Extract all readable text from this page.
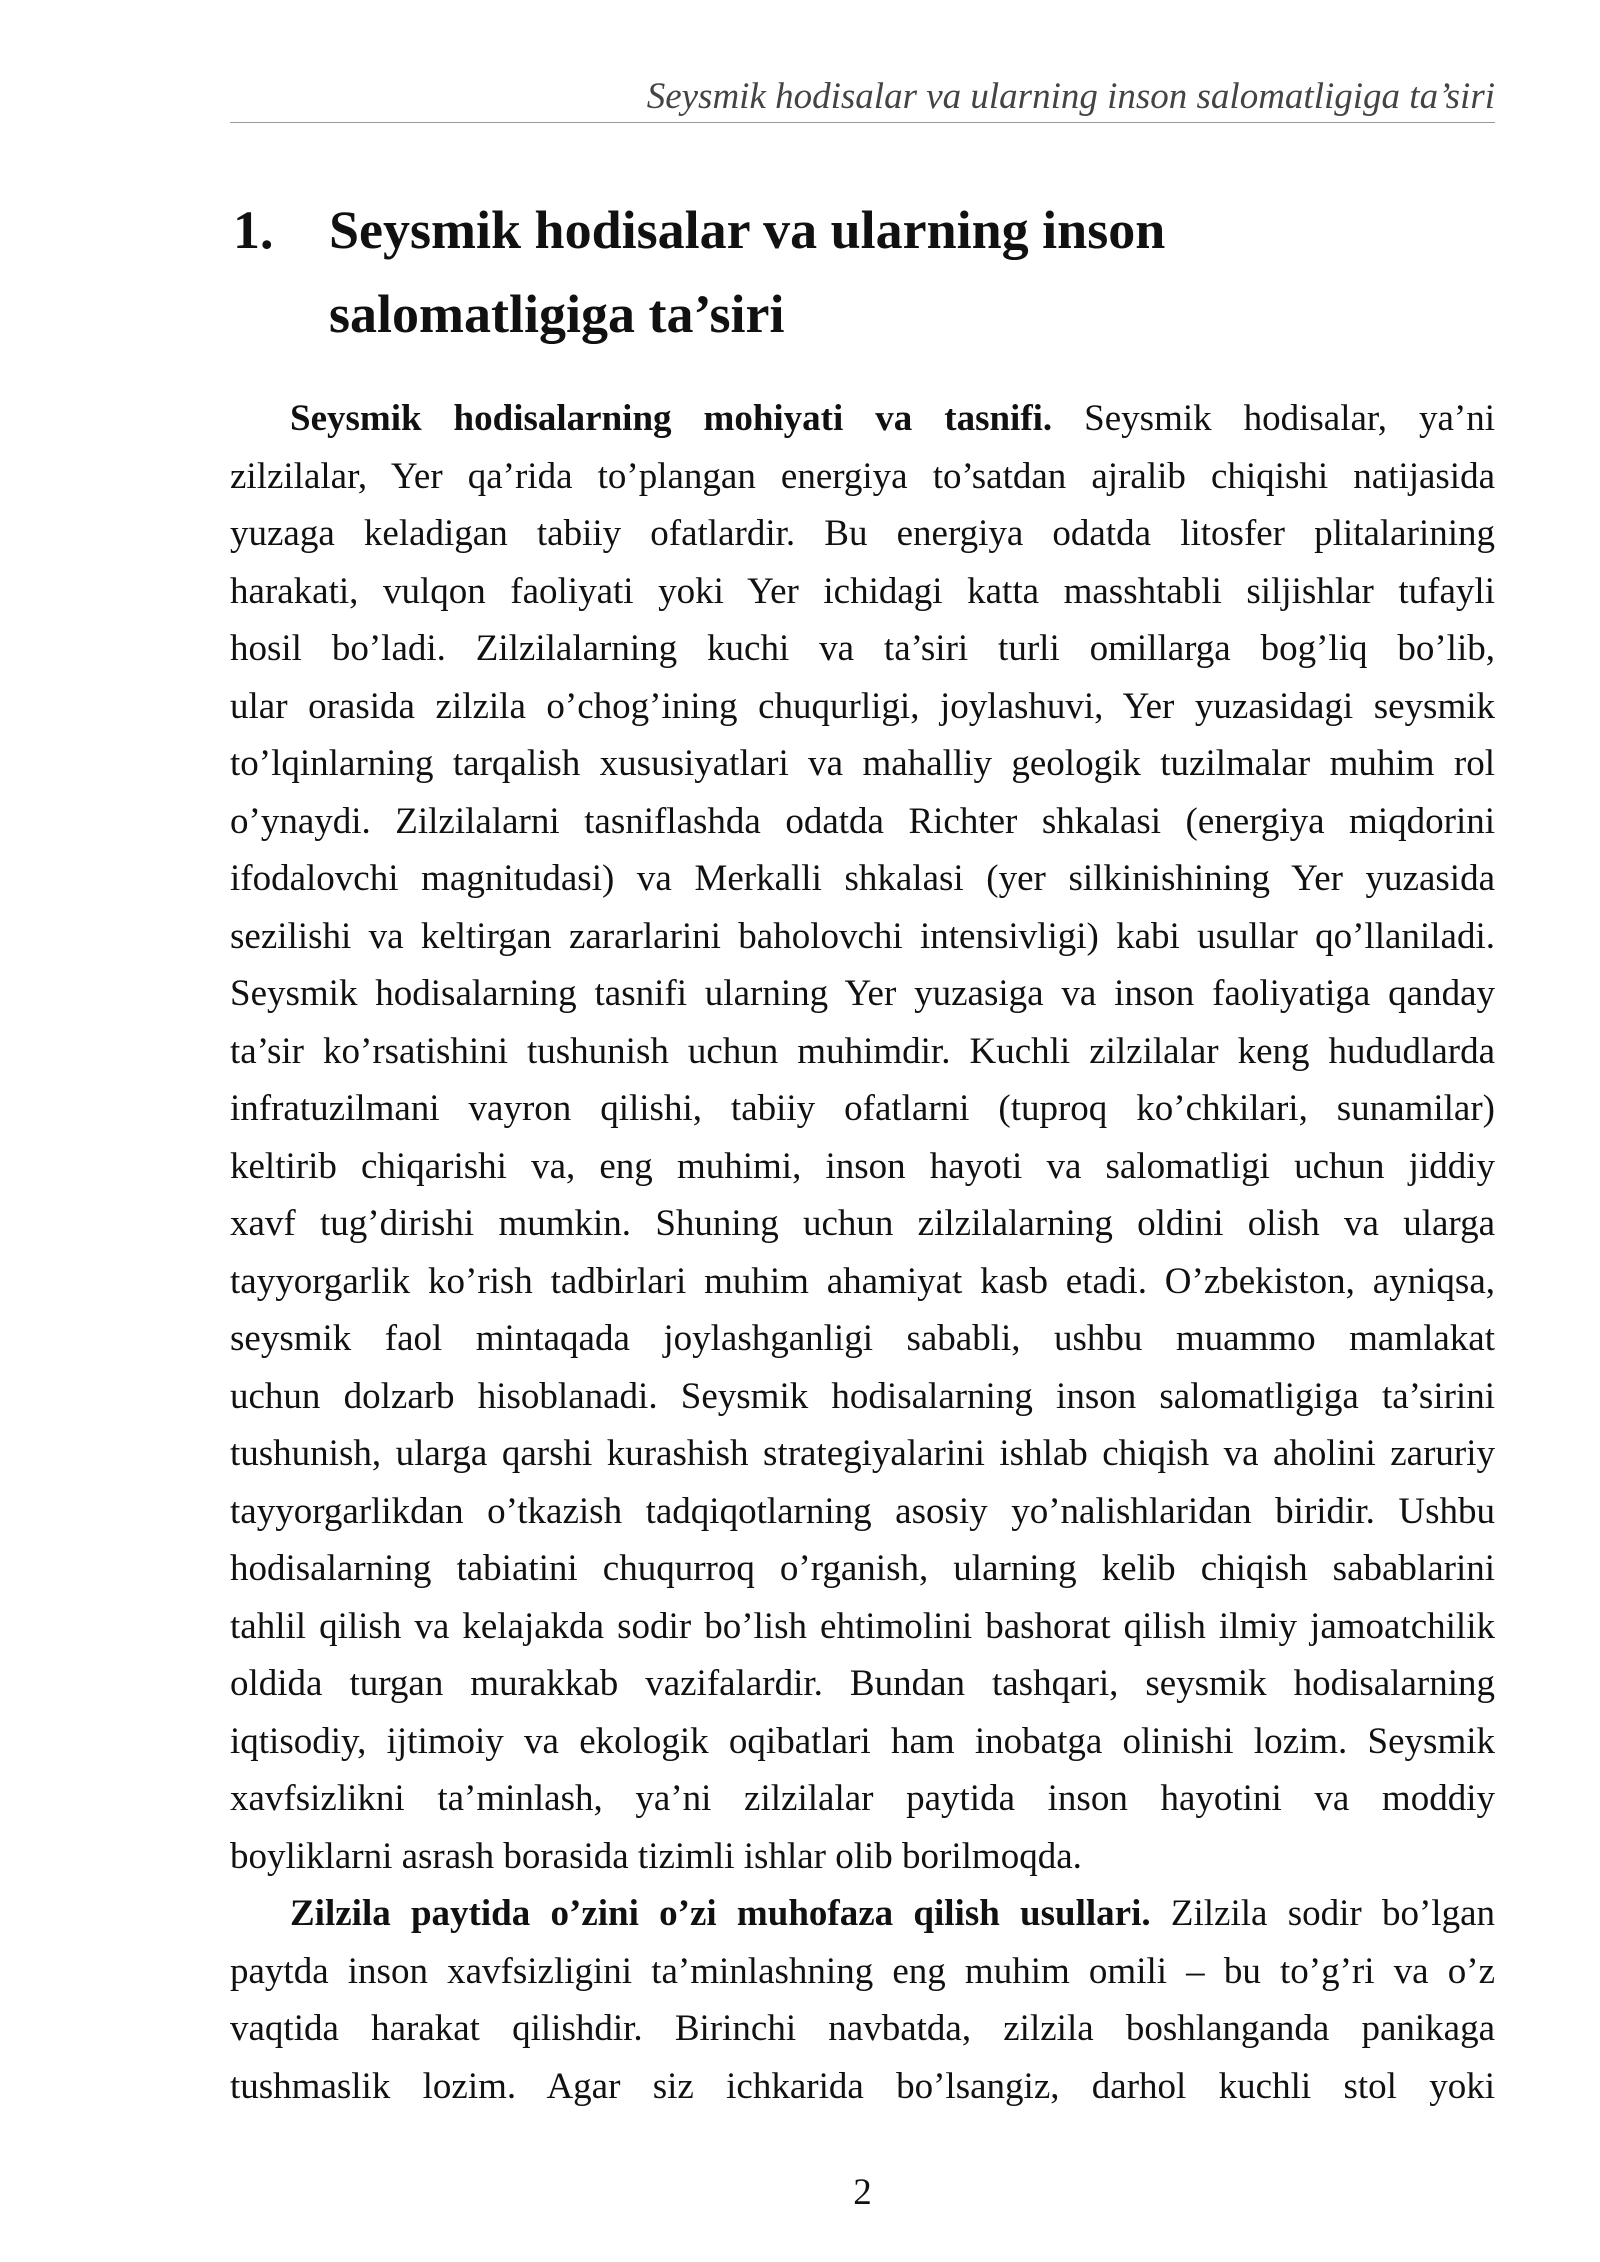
Seysmik hodisalar va ularning inson salomatligiga ta’siri
1. Seysmik hodisalar va ularning inson
salomatligiga ta’siri
Seysmik hodisalarning mohiyati va tasnifi. Seysmik hodisalar, ya’ni
zilzilalar, Yer qa’rida to’plangan energiya to’satdan ajralib chiqishi natijasida
yuzaga keladigan tabiiy ofatlardir. Bu energiya odatda litosfer plitalarining
harakati, vulqon faoliyati yoki Yer ichidagi katta masshtabli siljishlar tufayli
hosil bo’ladi. Zilzilalarning kuchi va ta’siri turli omillarga bog’liq bo’lib,
ular orasida zilzila o’chog’ining chuqurligi, joylashuvi, Yer yuzasidagi seysmik
to’lqinlarning tarqalish xususiyatlari va mahalliy geologik tuzilmalar muhim rol
o’ynaydi. Zilzilalarni tasniflashda odatda Richter shkalasi (energiya miqdorini
ifodalovchi magnitudasi) va Merkalli shkalasi (yer silkinishining Yer yuzasida
sezilishi va keltirgan zararlarini baholovchi intensivligi) kabi usullar qo’llaniladi.
Seysmik hodisalarning tasnifi ularning Yer yuzasiga va inson faoliyatiga qanday
ta’sir ko’rsatishini tushunish uchun muhimdir. Kuchli zilzilalar keng hududlarda
infratuzilmani vayron qilishi, tabiiy ofatlarni (tuproq ko’chkilari, sunamilar)
keltirib chiqarishi va, eng muhimi, inson hayoti va salomatligi uchun jiddiy
xavf tug’dirishi mumkin. Shuning uchun zilzilalarning oldini olish va ularga
tayyorgarlik ko’rish tadbirlari muhim ahamiyat kasb etadi. O’zbekiston, ayniqsa,
seysmik faol mintaqada joylashganligi sababli, ushbu muammo mamlakat
uchun dolzarb hisoblanadi. Seysmik hodisalarning inson salomatligiga ta’sirini
tushunish, ularga qarshi kurashish strategiyalarini ishlab chiqish va aholini zaruriy
tayyorgarlikdan o’tkazish tadqiqotlarning asosiy yo’nalishlaridan biridir. Ushbu
hodisalarning tabiatini chuqurroq o’rganish, ularning kelib chiqish sabablarini
tahlil qilish va kelajakda sodir bo’lish ehtimolini bashorat qilish ilmiy jamoatchilik
oldida turgan murakkab vazifalardir. Bundan tashqari, seysmik hodisalarning
iqtisodiy, ijtimoiy va ekologik oqibatlari ham inobatga olinishi lozim. Seysmik
xavfsizlikni ta’minlash, ya’ni zilzilalar paytida inson hayotini va moddiy
boyliklarni asrash borasida tizimli ishlar olib borilmoqda.
Zilzila paytida o’zini o’zi muhofaza qilish usullari. Zilzila sodir bo’lgan
paytda inson xavfsizligini ta’minlashning eng muhim omili – bu to’g’ri va o’z
vaqtida harakat qilishdir. Birinchi navbatda, zilzila boshlanganda panikaga
tushmaslik lozim. Agar siz ichkarida bo’lsangiz, darhol kuchli stol yoki
2
